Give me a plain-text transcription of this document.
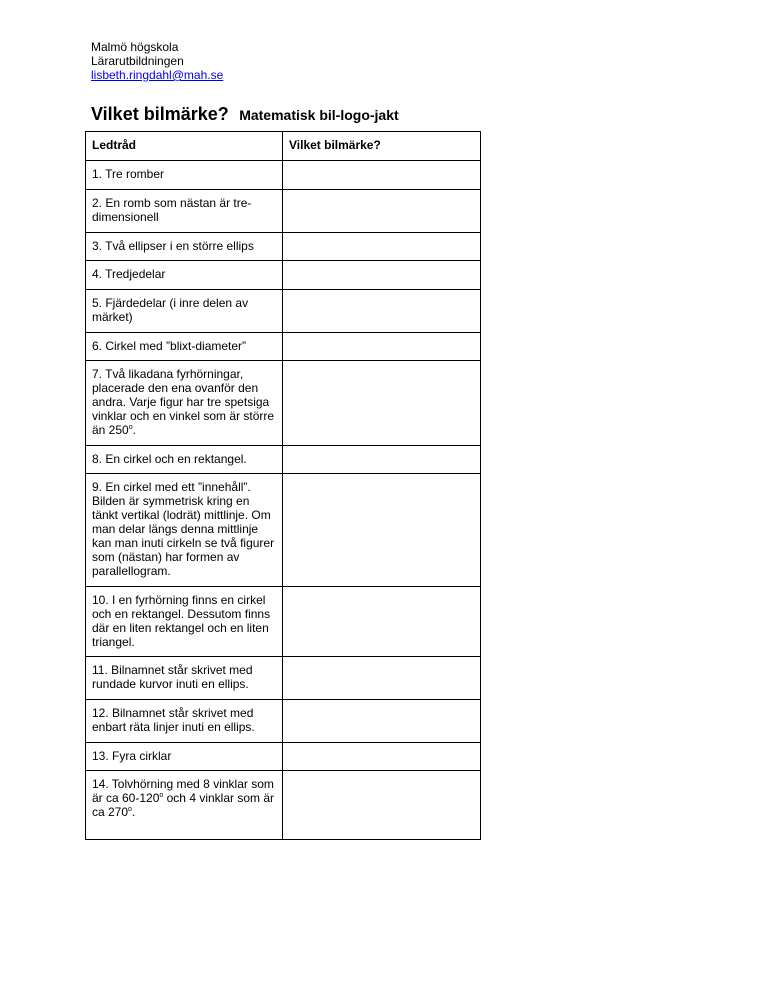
Malmö högskola
Lärarutbildningen
lisbeth.ringdahl@mah.se
Vilket bilmärke? Matematisk bil-logo-jakt
Ledtråd	Vilket bilmärke?
1. Tre romber	
2. En romb som nästan är tre-dimensionell	
3. Två ellipser i en större ellips	
4. Tredjedelar	
5. Fjärdedelar (i inre delen av märket)	
6. Cirkel med ”blixt-diameter”	
7. Två likadana fyrhörningar, placerade den ena ovanför den andra. Varje figur har tre spetsiga vinklar och en vinkel som är större än 250$^o$.	
8. En cirkel och en rektangel.	
9. En cirkel med ett ”innehåll”. Bilden är symmetrisk kring en tänkt vertikal (lodrät) mittlinje. Om man delar längs denna mittlinje kan man inuti cirkeln se två figurer som (nästan) har formen av parallellogram.	
10. I en fyrhörning finns en cirkel och en rektangel. Dessutom finns där en liten rektangel och en liten triangel.	
11. Bilnamnet står skrivet med rundade kurvor inuti en ellips.	
12. Bilnamnet står skrivet med enbart räta linjer inuti en ellips.	
13. Fyra cirklar	
14. Tolvhörning med 8 vinklar som är ca 60-120$^o$ och 4 vinklar som är ca 270$^o$.	
